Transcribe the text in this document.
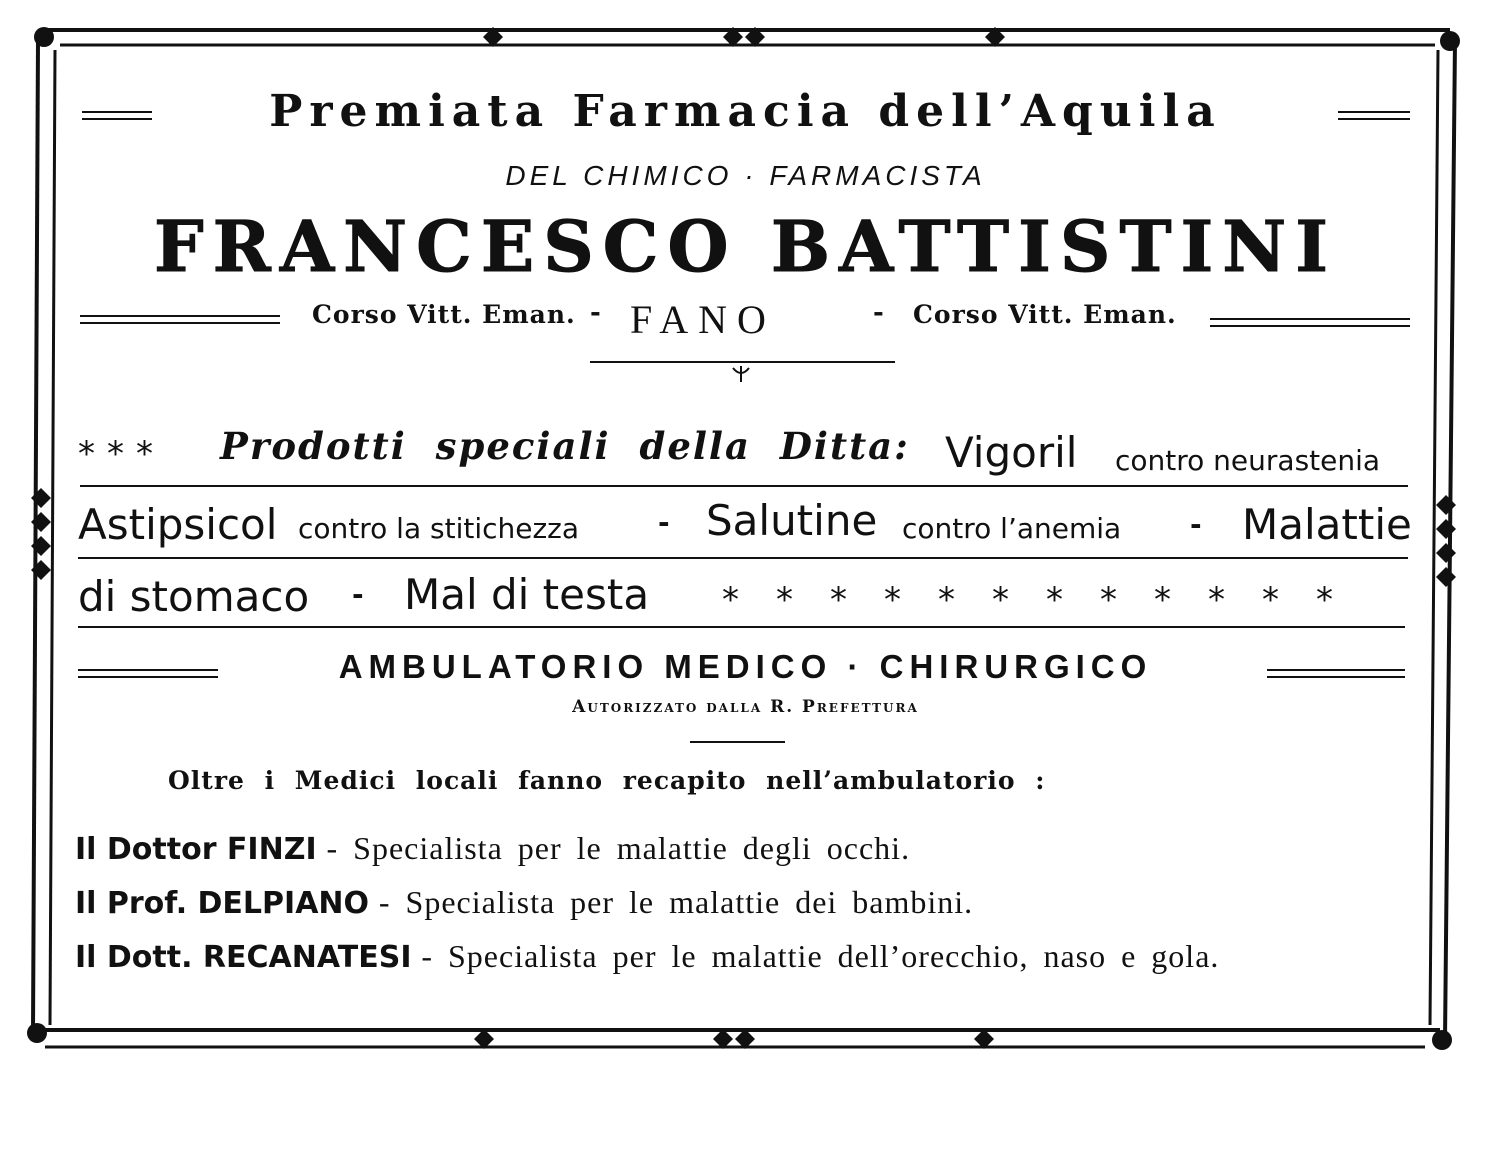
Premiata Farmacia dell’Aquila
DEL CHIMICO · FARMACISTA
FRANCESCO BATTISTINI
Corso Vitt. Eman. - FANO	- Corso Vitt. Eman.
*** Prodotti speciali della Ditta: Vigoril contro neurastenia
Astipsicol contro la stitichezza	- Salutine contro l’anemia - Malattie
di stomaco - Mal di testa ************
AMBULATORIO MEDICO · CHIRURGICO
Autorizzato dalla R. Prefettura
Oltre i Medici locali fanno recapito nell’ambulatorio :
Il Dottor FINZI - Specialista per le malattie degli occhi.
Il Prof. DELPIANO - Specialista per le malattie dei bambini.
Il Dott. RECANATESI - Specialista per le malattie dell’orecchio, naso e gola.
